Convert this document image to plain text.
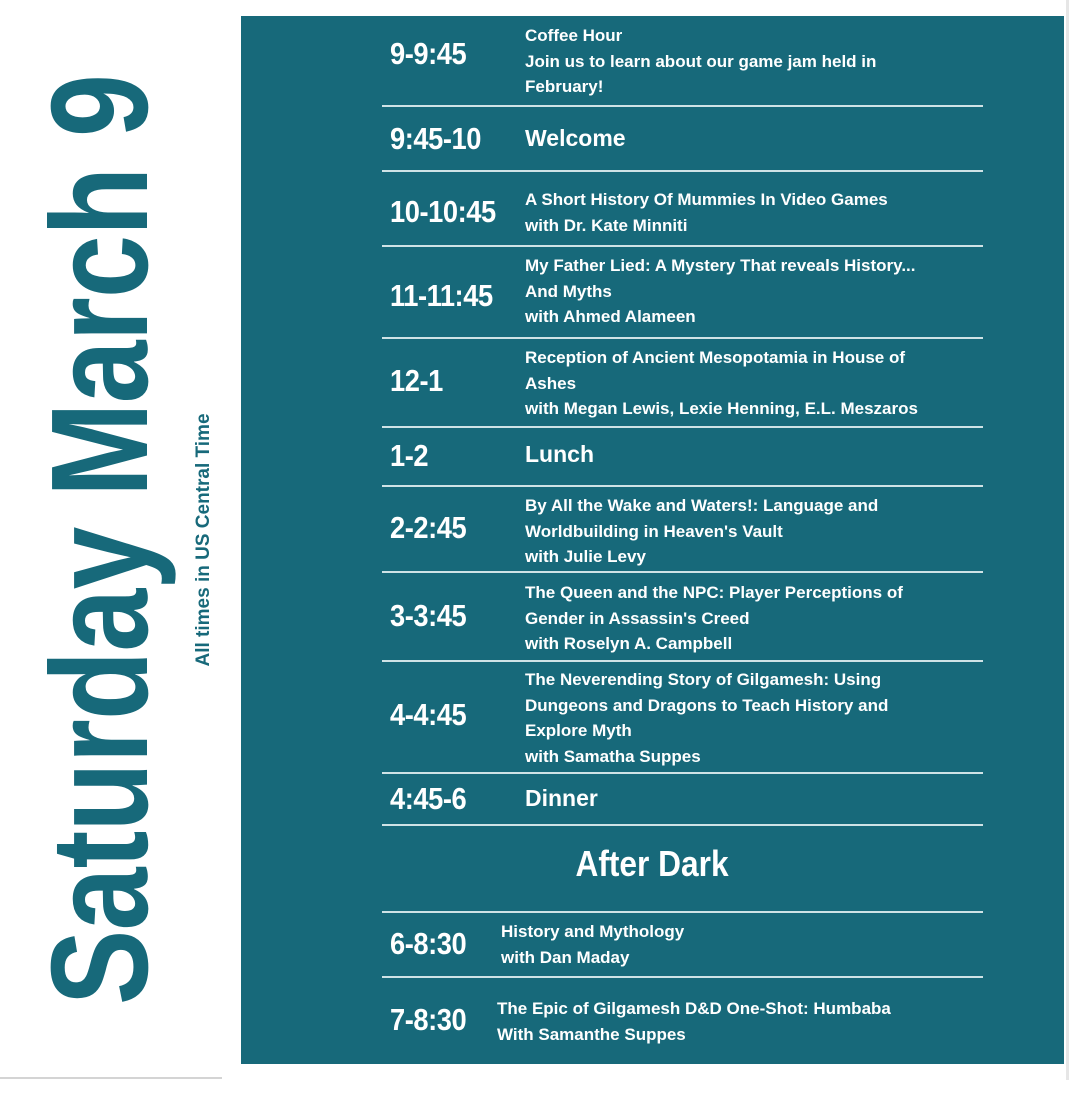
Saturday March 9 All times in US Central Time
9-9:45
Coffee Hour
Join us to learn about our game jam held in
February!
9:45-10 Welcome
10-10:45 A Short History Of Mummies In Video Games
with Dr. Kate Minniti
11-11:45
My Father Lied: A Mystery That reveals History...
And Myths
with Ahmed Alameen
12-1
Reception of Ancient Mesopotamia in House of
Ashes
with Megan Lewis, Lexie Henning, E.L. Meszaros
1-2	Lunch
2-2:45
By All the Wake and Waters!: Language and
Worldbuilding in Heaven's Vault
with Julie Levy
3-3:45
The Queen and the NPC: Player Perceptions of
Gender in Assassin's Creed
with Roselyn A. Campbell
4-4:45
The Neverending Story of Gilgamesh: Using
Dungeons and Dragons to Teach History and
Explore Myth
with Samatha Suppes
4:45-6	Dinner
After Dark
6-8:30 History and Mythology
with Dan Maday
7-8:30 The Epic of Gilgamesh D&D One-Shot: Humbaba
With Samanthe Suppes
